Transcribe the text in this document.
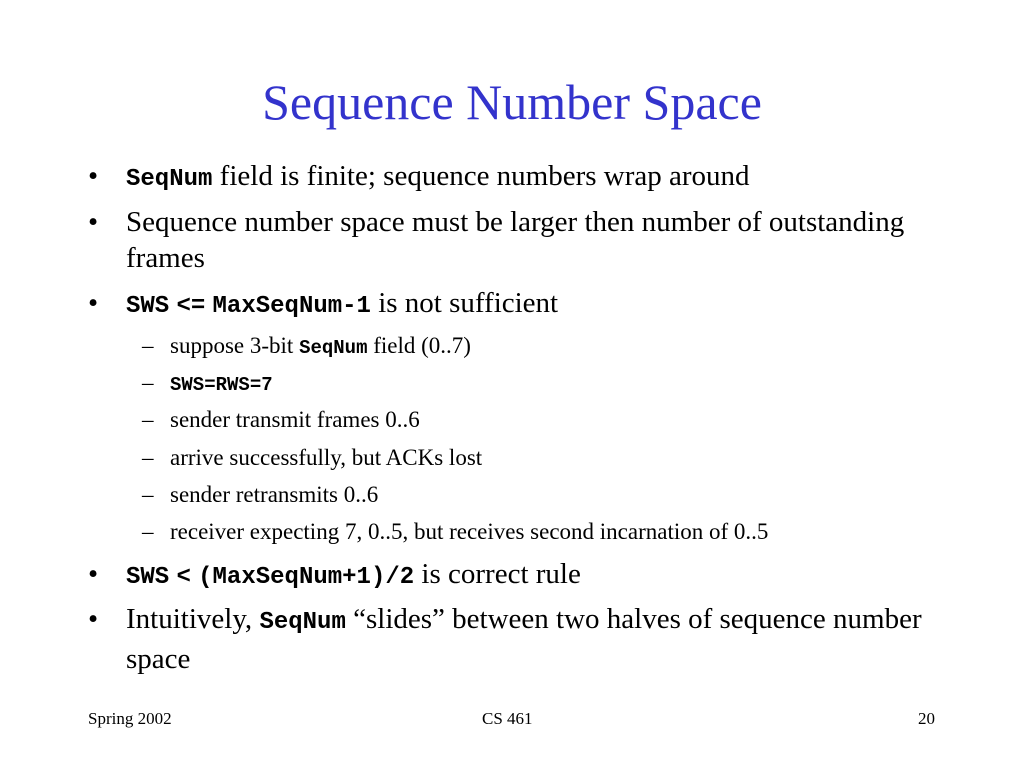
Sequence Number Space
• SeqNum field is finite; sequence numbers wrap around
• Sequence number space must be larger then number of outstanding frames
• SWS <= MaxSeqNum-1 is not sufficient
– suppose 3-bit SeqNum field (0..7)
– SWS=RWS=7
– sender transmit frames 0..6
– arrive successfully, but ACKs lost
– sender retransmits 0..6
– receiver expecting 7, 0..5, but receives second incarnation of 0..5
• SWS < (MaxSeqNum+1)/2 is correct rule
• Intuitively, SeqNum “slides” between two halves of sequence number space
Spring 2002	CS 461	20
